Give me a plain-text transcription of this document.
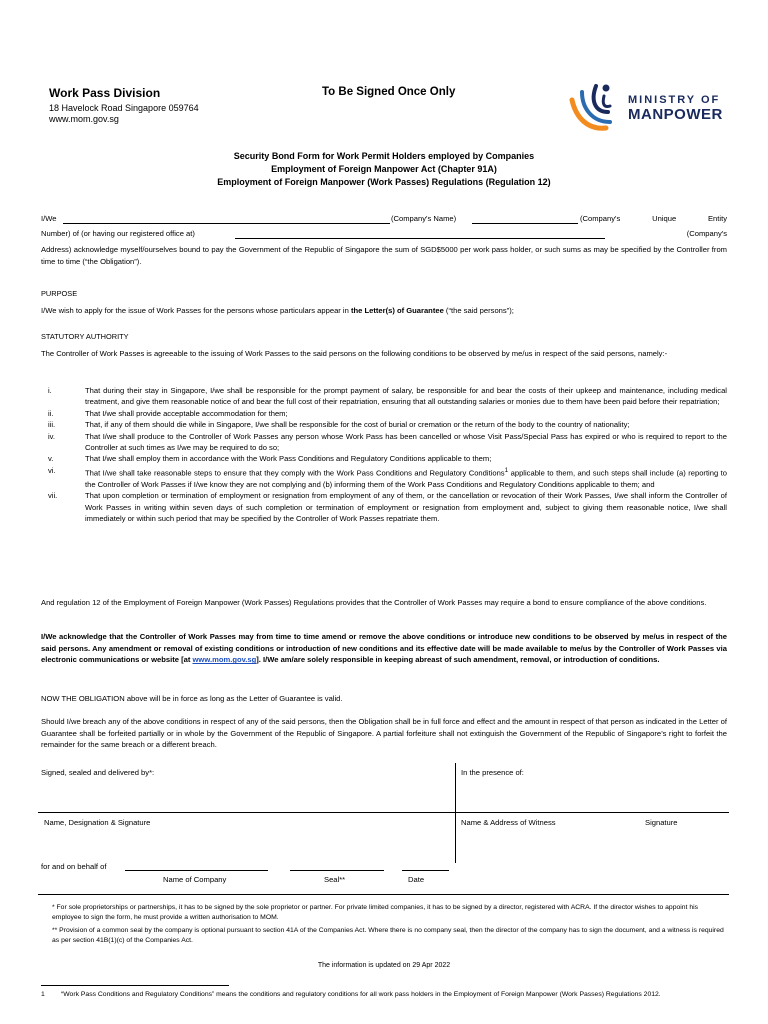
Work Pass Division
18 Havelock Road Singapore 059764
www.mom.gov.sg
To Be Signed Once Only
MINISTRY OF
MANPOWER
Security Bond Form for Work Permit Holders employed by Companies
Employment of Foreign Manpower Act (Chapter 91A)
Employment of Foreign Manpower (Work Passes) Regulations (Regulation 12)
I/We	(Company's Name)	(Company's Unique Entity
Number) of (or having our registered office at)	(Company's
Address) acknowledge myself/ourselves bound to pay the Government of the Republic of Singapore the sum of SGD$5000 per work pass holder, or such sums as may be specified by the Controller from time to time (“the Obligation”).
PURPOSE
I/We wish to apply for the issue of Work Passes for the persons whose particulars appear in the Letter(s) of Guarantee (“the said persons”);
STATUTORY AUTHORITY
The Controller of Work Passes is agreeable to the issuing of Work Passes to the said persons on the following conditions to be observed by me/us in respect of the said persons, namely:-
i.	That during their stay in Singapore, I/we shall be responsible for the prompt payment of salary, be responsible for and bear the costs of their upkeep and maintenance, including medical treatment, and give them reasonable notice of and bear the full cost of their repatriation, ensuring that all outstanding salaries or monies due to them have been paid before their repatriation;
ii.	That I/we shall provide acceptable accommodation for them;
iii.	That, if any of them should die while in Singapore, I/we shall be responsible for the cost of burial or cremation or the return of the body to the country of nationality;
iv.	That I/we shall produce to the Controller of Work Passes any person whose Work Pass has been cancelled or whose Visit Pass/Special Pass has expired or who is required to report to the Controller at such times as I/we may be required to do so;
v.	That I/we shall employ them in accordance with the Work Pass Conditions and Regulatory Conditions applicable to them;
vi.	That I/we shall take reasonable steps to ensure that they comply with the Work Pass Conditions and Regulatory Conditions$^1$ applicable to them, and such steps shall include (a) reporting to the Controller of Work Passes if I/we know they are not complying and (b) informing them of the Work Pass Conditions and Regulatory Conditions applicable to them; and
vii.	That upon completion or termination of employment or resignation from employment of any of them, or the cancellation or revocation of their Work Passes, I/we shall inform the Controller of Work Passes in writing within seven days of such completion or termination of employment or resignation from employment and, subject to giving them reasonable notice, I/we shall immediately or within such period that may be specified by the Controller of Work Passes repatriate them.
And regulation 12 of the Employment of Foreign Manpower (Work Passes) Regulations provides that the Controller of Work Passes may require a bond to ensure compliance of the above conditions.
I/We acknowledge that the Controller of Work Passes may from time to time amend or remove the above conditions or introduce new conditions to be observed by me/us in respect of the said persons. Any amendment or removal of existing conditions or introduction of new conditions and its effective date will be made available to me/us by the Controller of Work Passes via electronic communications or website [at www.mom.gov.sg]. I/We am/are solely responsible in keeping abreast of such amendment, removal, or introduction of conditions.
NOW THE OBLIGATION above will be in force as long as the Letter of Guarantee is valid.
Should I/we breach any of the above conditions in respect of any of the said persons, then the Obligation shall be in full force and effect and the amount in respect of that person as indicated in the Letter of Guarantee shall be forfeited partially or in whole by the Government of the Republic of Singapore. A partial forfeiture shall not extinguish the Government of the Republic of Singapore’s right to forfeit the remainder for the same breach or a different breach.
Signed, sealed and delivered by*:	In the presence of:
Name, Designation & Signature	Name & Address of Witness	Signature
for and on behalf of
Name of Company	Seal**	Date
* For sole proprietorships or partnerships, it has to be signed by the sole proprietor or partner. For private limited companies, it has to be signed by a director, registered with ACRA. If the director wishes to appoint his employee to sign the form, he must provide a written authorisation to MOM.
** Provision of a common seal by the company is optional pursuant to section 41A of the Companies Act. Where there is no company seal, then the director of the company has to sign the document, and a witness is required as per section 41B(1)(c) of the Companies Act.
The information is updated on 29 Apr 2022
1	“Work Pass Conditions and Regulatory Conditions” means the conditions and regulatory conditions for all work pass holders in the Employment of Foreign Manpower (Work Passes) Regulations 2012.
